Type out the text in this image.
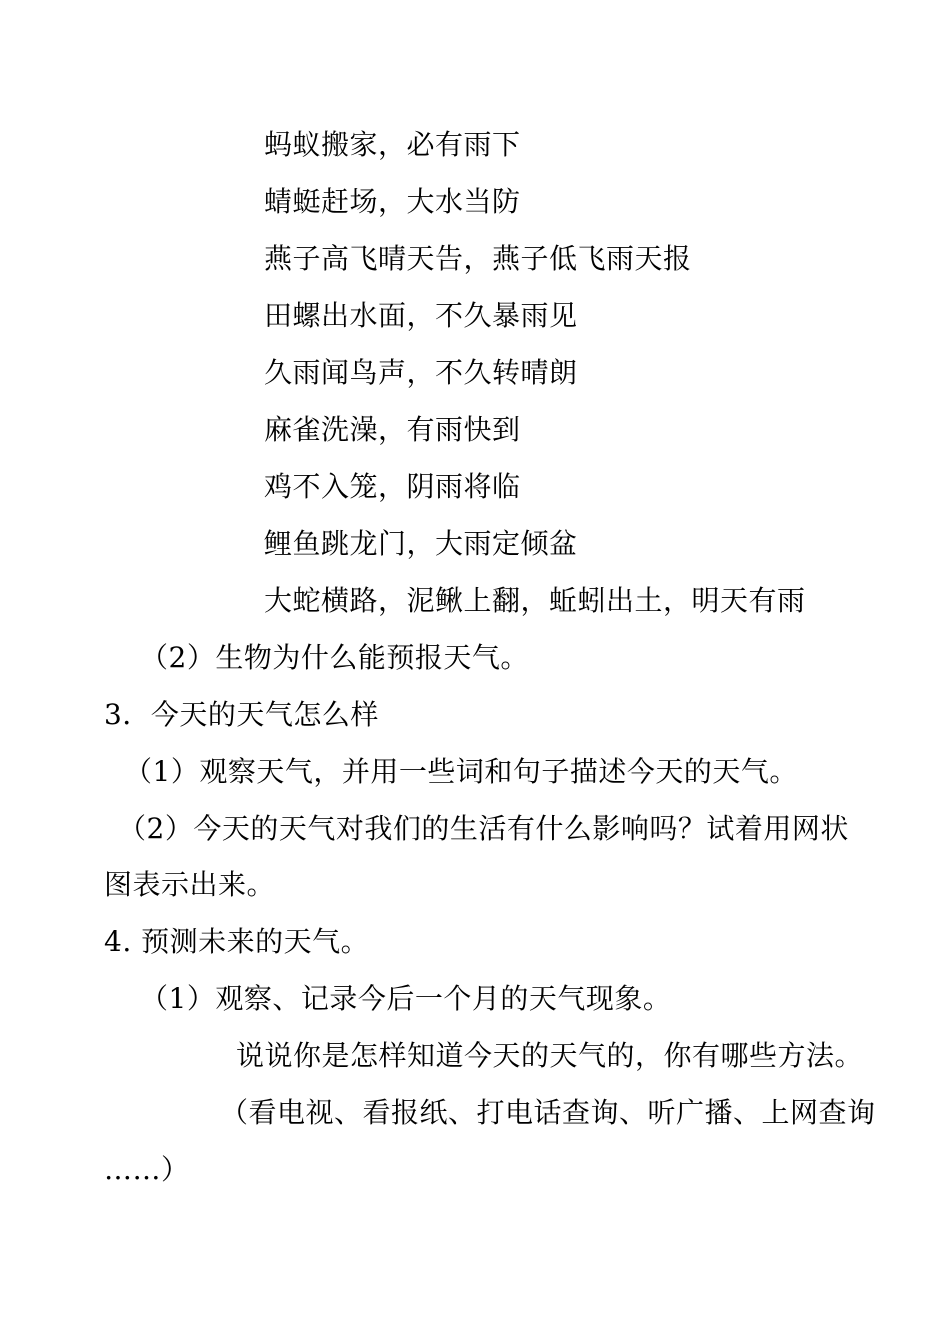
蚂蚁搬家，必有雨下
蜻蜓赶场，大水当防
燕子高飞晴天告，燕子低飞雨天报
田螺出水面，不久暴雨见
久雨闻鸟声，不久转晴朗
麻雀洗澡，有雨快到
鸡不入笼，阴雨将临
鲤鱼跳龙门，大雨定倾盆
大蛇横路，泥鳅上翻，蚯蚓出土，明天有雨
（2）生物为什么能预报天气。
3．今天的天气怎么样
（1）观察天气，并用一些词和句子描述今天的天气。
（2）今天的天气对我们的生活有什么影响吗？试着用网状
图表示出来。
4. 预测未来的天气。
（1）观察、记录今后一个月的天气现象。
说说你是怎样知道今天的天气的，你有哪些方法。
（看电视、看报纸、打电话查询、听广播、上网查询
……）
